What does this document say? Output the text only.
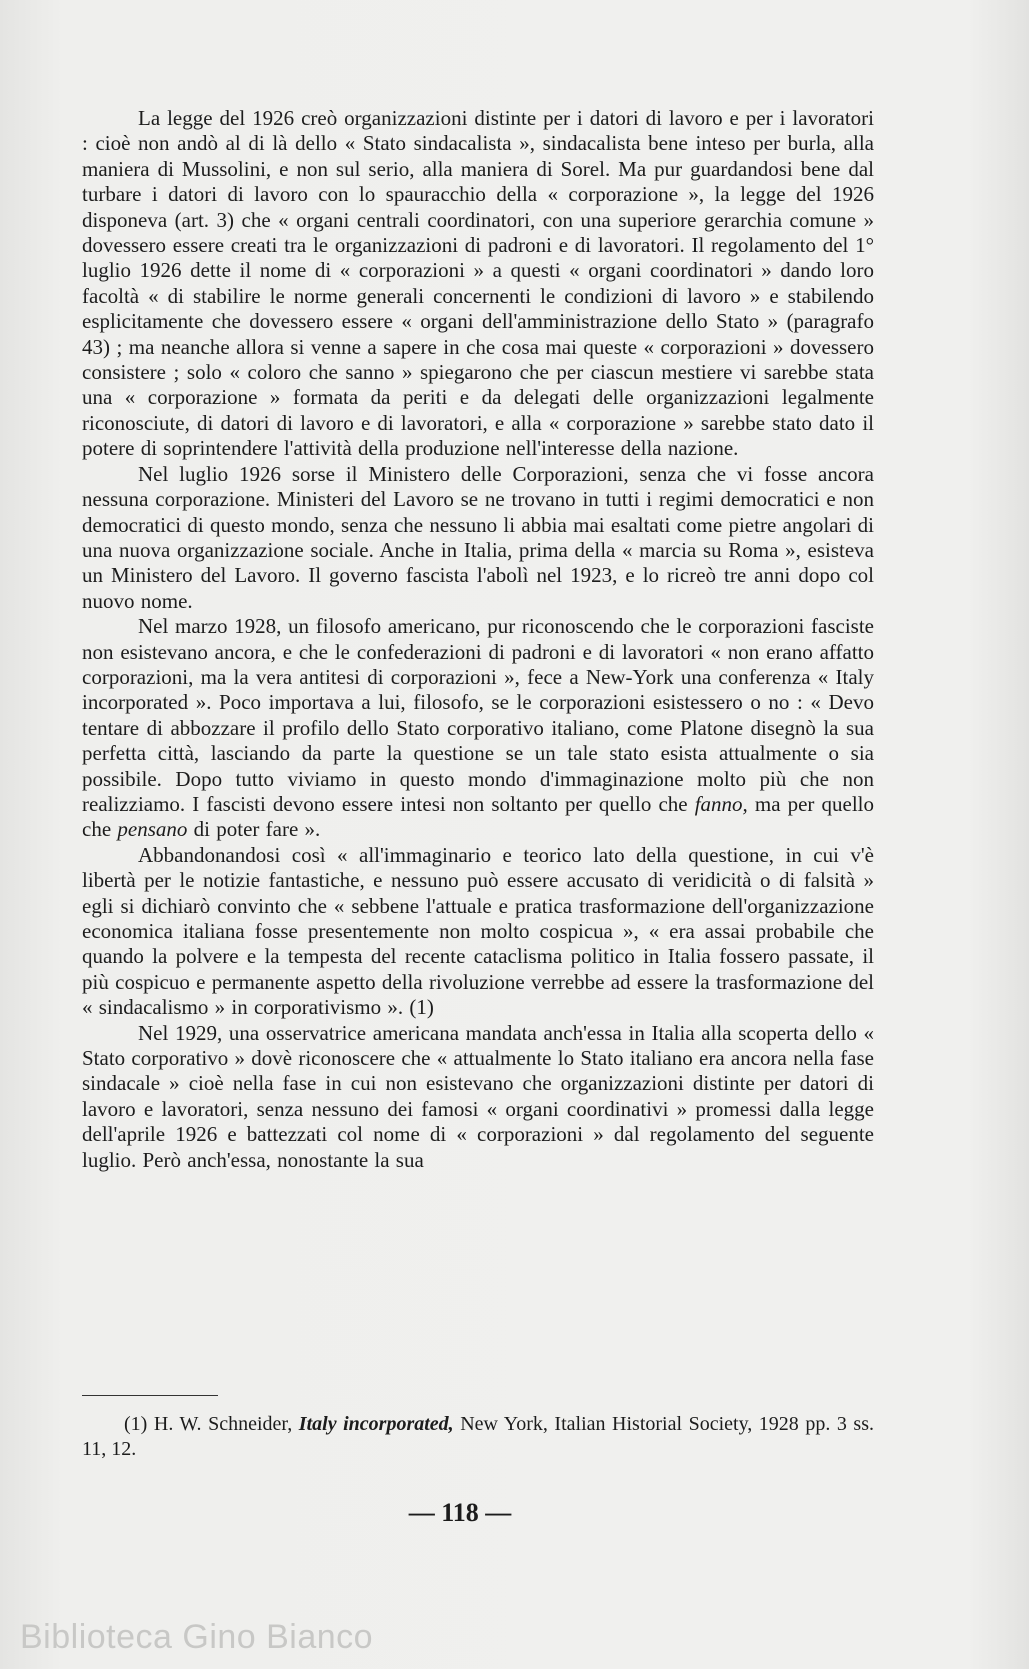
La legge del 1926 creò organizzazioni distinte per i datori di lavoro e per i lavoratori : cioè non andò al di là dello « Stato sindacalista », sindacalista bene inteso per burla, alla maniera di Mussolini, e non sul serio, alla maniera di Sorel. Ma pur guardandosi bene dal turbare i datori di lavoro con lo spauracchio della « corporazione », la legge del 1926 disponeva (art. 3) che « organi centrali coordinatori, con una superiore gerarchia comune » dovessero essere creati tra le organizzazioni di padroni e di lavoratori. Il regolamento del 1° luglio 1926 dette il nome di « corporazioni » a questi « organi coordinatori » dando loro facoltà « di stabilire le norme generali concernenti le condizioni di lavoro » e stabilendo esplicitamente che dovessero essere « organi dell'amministrazione dello Stato » (paragrafo 43) ; ma neanche allora si venne a sapere in che cosa mai queste « corporazioni » dovessero consistere ; solo « coloro che sanno » spiegarono che per ciascun mestiere vi sarebbe stata una « corporazione » formata da periti e da delegati delle organizzazioni legalmente riconosciute, di datori di lavoro e di lavoratori, e alla « corporazione » sarebbe stato dato il potere di soprintendere l'attività della produzione nell'interesse della nazione.

Nel luglio 1926 sorse il Ministero delle Corporazioni, senza che vi fosse ancora nessuna corporazione. Ministeri del Lavoro se ne trovano in tutti i regimi democratici e non democratici di questo mondo, senza che nessuno li abbia mai esaltati come pietre angolari di una nuova organizzazione sociale. Anche in Italia, prima della « marcia su Roma », esisteva un Ministero del Lavoro. Il governo fascista l'abolì nel 1923, e lo ricreò tre anni dopo col nuovo nome.

Nel marzo 1928, un filosofo americano, pur riconoscendo che le corporazioni fasciste non esistevano ancora, e che le confederazioni di padroni e di lavoratori « non erano affatto corporazioni, ma la vera antitesi di corporazioni », fece a New-York una conferenza « Italy incorporated ». Poco importava a lui, filosofo, se le corporazioni esistessero o no : « Devo tentare di abbozzare il profilo dello Stato corporativo italiano, come Platone disegnò la sua perfetta città, lasciando da parte la questione se un tale stato esista attualmente o sia possibile. Dopo tutto viviamo in questo mondo d'immaginazione molto più che non realizziamo. I fascisti devono essere intesi non soltanto per quello che fanno, ma per quello che pensano di poter fare ».

Abbandonandosi così « all'immaginario e teorico lato della questione, in cui v'è libertà per le notizie fantastiche, e nessuno può essere accusato di veridicità o di falsità » egli si dichiarò convinto che « sebbene l'attuale e pratica trasformazione dell'organizzazione economica italiana fosse presentemente non molto cospicua », « era assai probabile che quando la polvere e la tempesta del recente cataclisma politico in Italia fossero passate, il più cospicuo e permanente aspetto della rivoluzione verrebbe ad essere la trasformazione del « sindacalismo » in corporativismo ». (1)

Nel 1929, una osservatrice americana mandata anch'essa in Italia alla scoperta dello « Stato corporativo » dovè riconoscere che « attualmente lo Stato italiano era ancora nella fase sindacale » cioè nella fase in cui non esistevano che organizzazioni distinte per datori di lavoro e lavoratori, senza nessuno dei famosi « organi coordinativi » promessi dalla legge dell'aprile 1926 e battezzati col nome di « corporazioni » dal regolamento del seguente luglio. Però anch'essa, nonostante la sua

(1) H. W. Schneider, Italy incorporated, New York, Italian Historial Society, 1928 pp. 3 ss. 11, 12.

— 118 —
Biblioteca Gino Bianco
